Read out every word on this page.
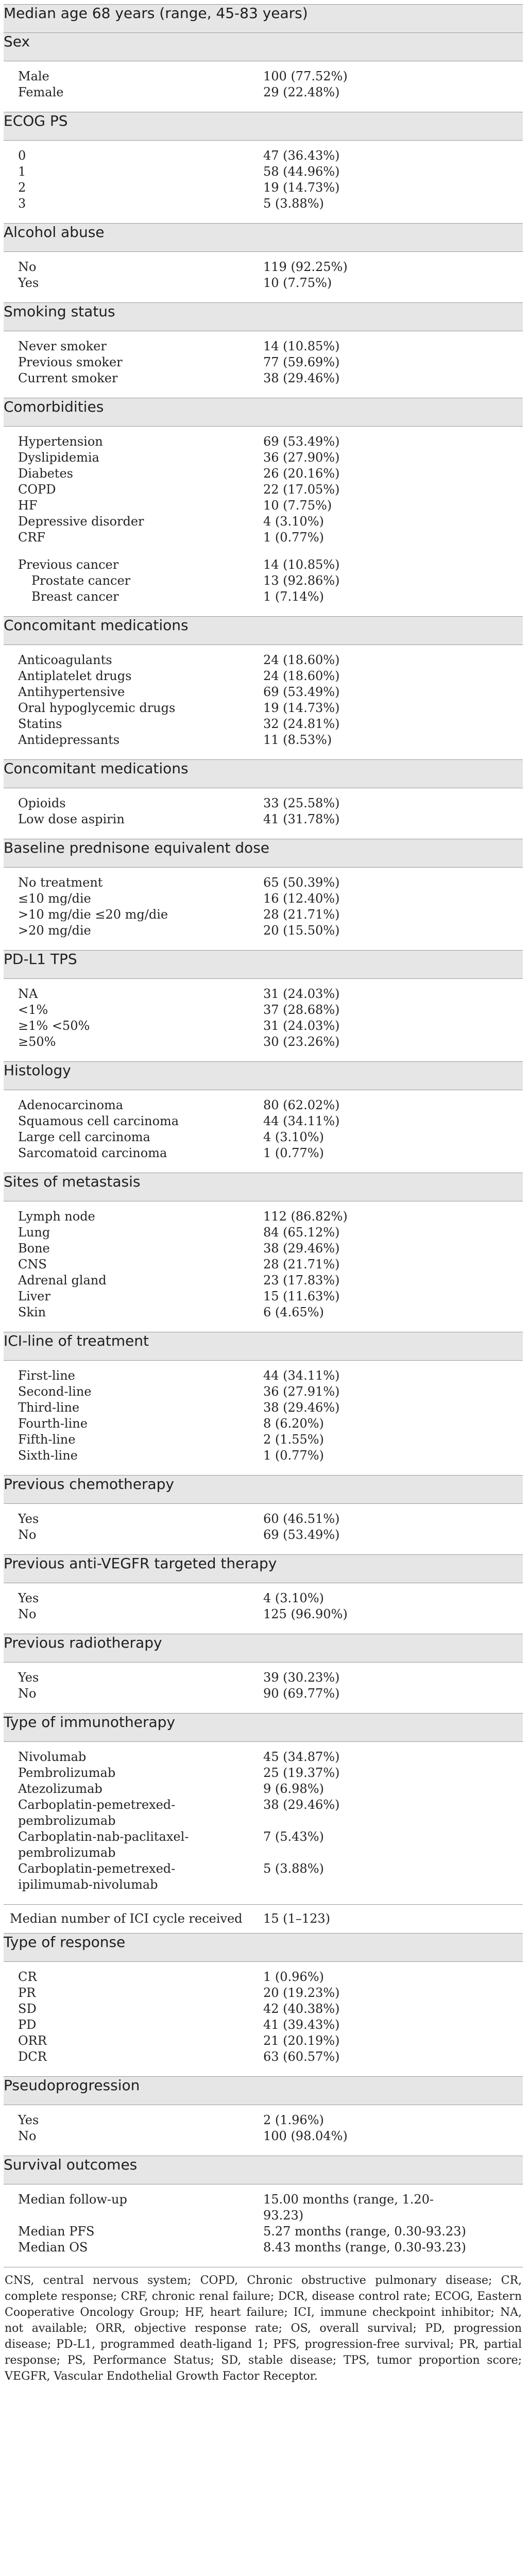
Median age 68 years (range, 45-83 years)	
Sex	

Male	100 (77.52%)
Female	29 (22.48%)

ECOG PS	

0	47 (36.43%)
1	58 (44.96%)
2	19 (14.73%)
3	5 (3.88%)

Alcohol abuse	

No	119 (92.25%)
Yes	10 (7.75%)

Smoking status	

Never smoker	14 (10.85%)
Previous smoker	77 (59.69%)
Current smoker	38 (29.46%)

Comorbidities	

Hypertension	69 (53.49%)
Dyslipidemia	36 (27.90%)
Diabetes	26 (20.16%)
COPD	22 (17.05%)
HF	10 (7.75%)
Depressive disorder	4 (3.10%)
CRF	1 (0.77%)

Previous cancer	14 (10.85%)
Prostate cancer	13 (92.86%)
Breast cancer	1 (7.14%)

Concomitant medications	

Anticoagulants	24 (18.60%)
Antiplatelet drugs	24 (18.60%)
Antihypertensive	69 (53.49%)
Oral hypoglycemic drugs	19 (14.73%)
Statins	32 (24.81%)
Antidepressants	11 (8.53%)

Concomitant medications	

Opioids	33 (25.58%)
Low dose aspirin	41 (31.78%)

Baseline prednisone equivalent dose	

No treatment	65 (50.39%)
≤10 mg/die	16 (12.40%)
>10 mg/die ≤20 mg/die	28 (21.71%)
>20 mg/die	20 (15.50%)

PD-L1 TPS	

NA	31 (24.03%)
<1%	37 (28.68%)
≥1% <50%	31 (24.03%)
≥50%	30 (23.26%)

Histology	

Adenocarcinoma	80 (62.02%)
Squamous cell carcinoma	44 (34.11%)
Large cell carcinoma	4 (3.10%)
Sarcomatoid carcinoma	1 (0.77%)

Sites of metastasis	

Lymph node	112 (86.82%)
Lung	84 (65.12%)
Bone	38 (29.46%)
CNS	28 (21.71%)
Adrenal gland	23 (17.83%)
Liver	15 (11.63%)
Skin	6 (4.65%)

ICI-line of treatment	

First-line	44 (34.11%)
Second-line	36 (27.91%)
Third-line	38 (29.46%)
Fourth-line	8 (6.20%)
Fifth-line	2 (1.55%)
Sixth-line	1 (0.77%)

Previous chemotherapy	

Yes	60 (46.51%)
No	69 (53.49%)

Previous anti-VEGFR targeted therapy	

Yes	4 (3.10%)
No	125 (96.90%)

Previous radiotherapy	

Yes	39 (30.23%)
No	90 (69.77%)

Type of immunotherapy	

Nivolumab	45 (34.87%)
Pembrolizumab	25 (19.37%)
Atezolizumab	9 (6.98%)
Carboplatin-pemetrexed-pembrolizumab	38 (29.46%)
Carboplatin-nab-paclitaxel-
pembrolizumab	7 (5.43%)
Carboplatin-pemetrexed-
ipilimumab-nivolumab	5 (3.88%)

Median number of ICI cycle received	15 (1–123)
Type of response	

CR	1 (0.96%)
PR	20 (19.23%)
SD	42 (40.38%)
PD	41 (39.43%)
ORR	21 (20.19%)
DCR	63 (60.57%)

Pseudoprogression	

Yes	2 (1.96%)
No	100 (98.04%)

Survival outcomes	

Median follow-up	15.00 months (range, 1.20-
93.23)
Median PFS	5.27 months (range, 0.30-93.23)
Median OS	8.43 months (range, 0.30-93.23)

CNS, central nervous system; COPD, Chronic obstructive pulmonary disease; CR, complete response; CRF, chronic renal failure; DCR, disease control rate; ECOG, Eastern Cooperative Oncology Group; HF, heart failure; ICI, immune checkpoint inhibitor; NA, not available; ORR, objective response rate; OS, overall survival; PD, progression disease; PD-L1, programmed death-ligand 1; PFS, progression-free survival; PR, partial response; PS, Performance Status; SD, stable disease; TPS, tumor proportion score; VEGFR, Vascular Endothelial Growth Factor Receptor.
